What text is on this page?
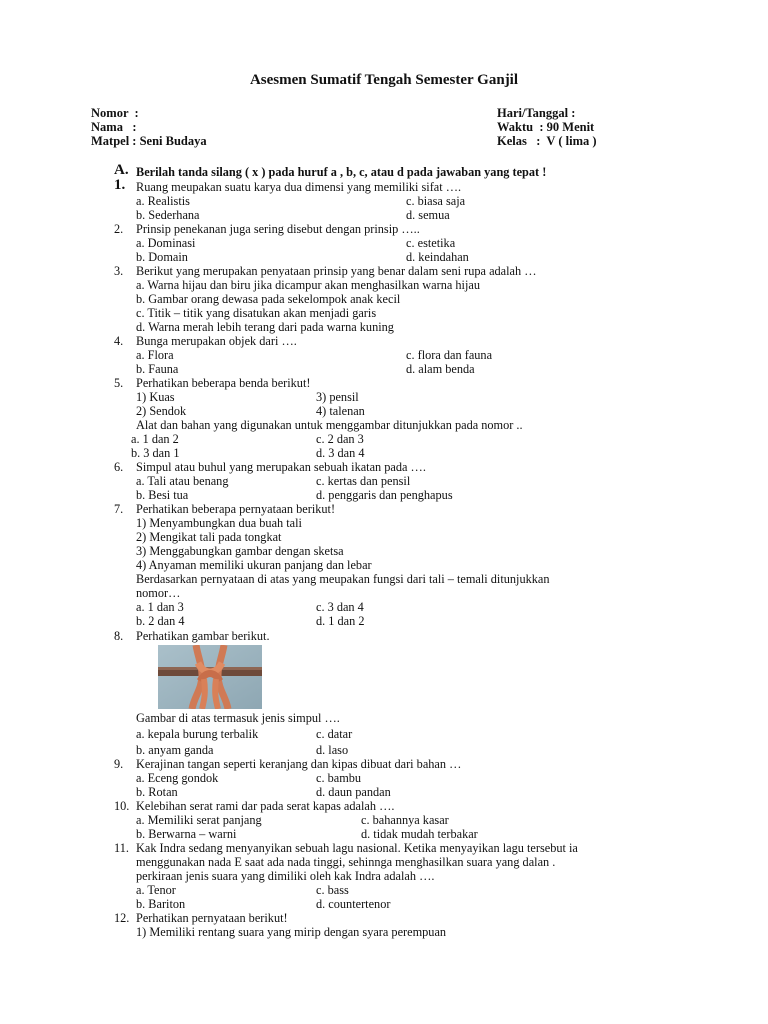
Asesmen Sumatif Tengah Semester Ganjil
Nomor  :
Nama   :
Matpel : Seni Budaya
Hari/Tanggal :
Waktu  : 90 Menit
Kelas   :  V ( lima )
A. Berilah tanda silang ( x ) pada huruf a , b, c, atau d pada jawaban yang tepat !
1. Ruang meupakan suatu karya dua dimensi yang memiliki sifat ….
a. Realistis	c. biasa saja
b. Sederhana	d. semua
2. Prinsip penekanan juga sering disebut dengan prinsip …..
a. Dominasi	c. estetika
b. Domain	d. keindahan
3. Berikut yang merupakan penyataan prinsip yang benar dalam seni rupa adalah …
a. Warna hijau dan biru jika dicampur akan menghasilkan warna hijau
b. Gambar orang dewasa pada sekelompok anak kecil
c. Titik – titik yang disatukan akan menjadi garis
d. Warna merah lebih terang dari pada warna kuning
4. Bunga merupakan objek dari ….
a. Flora	c. flora dan fauna
b. Fauna	d. alam benda
5. Perhatikan beberapa benda berikut!
1) Kuas	3) pensil
2) Sendok	4) talenan
Alat dan bahan yang digunakan untuk menggambar ditunjukkan pada nomor ..
a. 1 dan 2	c. 2 dan 3
b. 3 dan 1	d. 3 dan 4
6. Simpul atau buhul yang merupakan sebuah ikatan pada ….
a. Tali atau benang	c. kertas dan pensil
b. Besi tua	d. penggaris dan penghapus
7. Perhatikan beberapa pernyataan berikut!
1) Menyambungkan dua buah tali
2) Mengikat tali pada tongkat
3) Menggabungkan gambar dengan sketsa
4) Anyaman memiliki ukuran panjang dan lebar
Berdasarkan pernyataan di atas yang meupakan fungsi dari tali – temali ditunjukkan
nomor…
a. 1 dan 3	c. 3 dan 4
b. 2 dan 4	d. 1 dan 2
8. Perhatikan gambar berikut.
Gambar di atas termasuk jenis simpul ….
a. kepala burung terbalik	c. datar
b. anyam ganda	d. laso
9. Kerajinan tangan seperti keranjang dan kipas dibuat dari bahan …
a. Eceng gondok	c. bambu
b. Rotan	d. daun pandan
10. Kelebihan serat rami dar pada serat kapas adalah ….
a. Memiliki serat panjang	c. bahannya kasar
b. Berwarna – warni	d. tidak mudah terbakar
11. Kak Indra sedang menyanyikan sebuah lagu nasional. Ketika menyayikan lagu tersebut ia
menggunakan nada E saat ada nada tinggi, sehinnga menghasilkan suara yang dalan .
perkiraan jenis suara yang dimiliki oleh kak Indra adalah ….
a. Tenor	c. bass
b. Bariton	d. countertenor
12. Perhatikan pernyataan berikut!
1) Memiliki rentang suara yang mirip dengan syara perempuan
